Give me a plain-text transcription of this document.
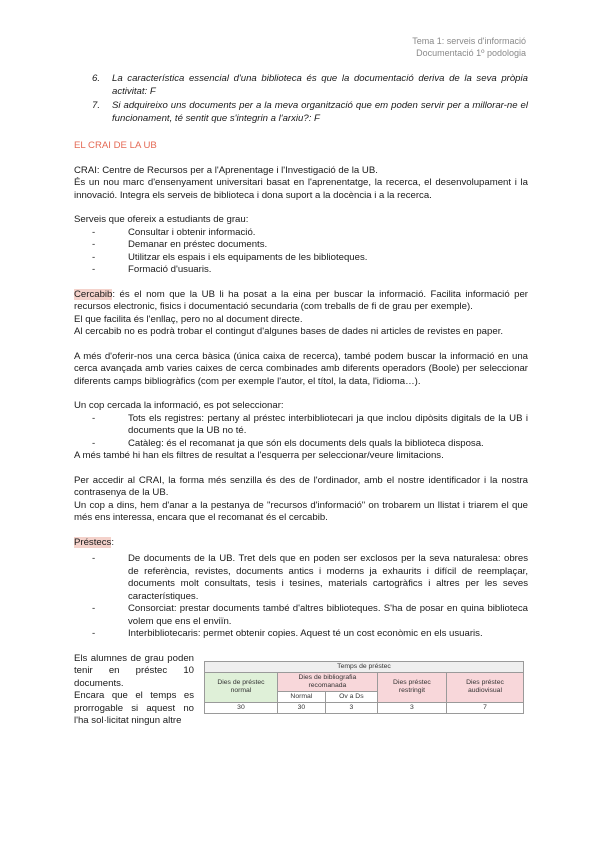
Tema 1: serveis d'informació
Documentació 1º podologia
6. La característica essencial d'una biblioteca és que la documentació deriva de la seva pròpia activitat: F
7. Si adquireixo uns documents per a la meva organització que em poden servir per a millorar-ne el funcionament, té sentit que s'integrin a l'arxiu?: F
EL CRAI DE LA UB

CRAI: Centre de Recursos per a l'Aprenentage i l'Investigació de la UB.

És un nou marc d'ensenyament universitari basat en l'aprenentatge, la recerca, el desenvolupament i la innovació. Integra els serveis de biblioteca i dona suport a la docència i a la recerca.

Serveis que ofereix a estudiants de grau:

-	Consultar i obtenir informació.
-	Demanar en préstec documents.
-	Utilitzar els espais i els equipaments de les biblioteques.
-	Formació d'usuaris.

Cercabib: és el nom que la UB li ha posat a la eina per buscar la informació. Facilita informació per recursos electronic, fisics i documentació secundaria (com treballs de fi de grau per exemple).

El que facilita és l'enllaç, pero no al document directe.

Al cercabib no es podrà trobar el contingut d'algunes bases de dades ni articles de revistes en paper.

A més d'oferir-nos una cerca bàsica (única caixa de recerca), també podem buscar la informació en una cerca avançada amb varies caixes de cerca combinades amb diferents operadors (Boole) per seleccionar diferents camps bibliogràfics (com per exemple l'autor, el títol, la data, l'idioma…).

Un cop cercada la informació, es pot seleccionar:

-	Tots els registres: pertany al préstec interbibliotecari ja que inclou dipòsits digitals de la UB i documents que la UB no té.
-	Catàleg: és el recomanat ja que són els documents dels quals la biblioteca disposa.

A més també hi han els filtres de resultat a l'esquerra per seleccionar/veure limitacions.

Per accedir al CRAI, la forma més senzilla és des de l'ordinador, amb el nostre identificador i la nostra contrasenya de la UB.

Un cop a dins, hem d'anar a la pestanya de "recursos d'informació" on trobarem un llistat i triarem el que més ens interessa, encara que el recomanat és el cercabib.

Préstecs:

-	De documents de la UB. Tret dels que en poden ser exclosos per la seva naturalesa: obres de referència, revistes, documents antics i moderns ja exhaurits i difícil de reemplaçar, documents molt consultats, tesis i tesines, materials cartogràfics i altres per les seves característiques.
-	Consorciat: prestar documents també d'altres biblioteques. S'ha de posar en quina biblioteca volem que ens el enviïn.
-	Interbibliotecaris: permet obtenir copies. Aquest té un cost econòmic en els usuaris.

Els alumnes de grau poden tenir en préstec 10 documents.

Encara que el temps es prorrogable si aquest no l'ha sol·licitat ningun altre

Temps de préstec				
Dies de préstec normal	Dies de bibliografia recomanada		Dies préstec restringit	Dies préstec audiovisual
	Normal	Ov a Ds		
30	30	3	3	7
